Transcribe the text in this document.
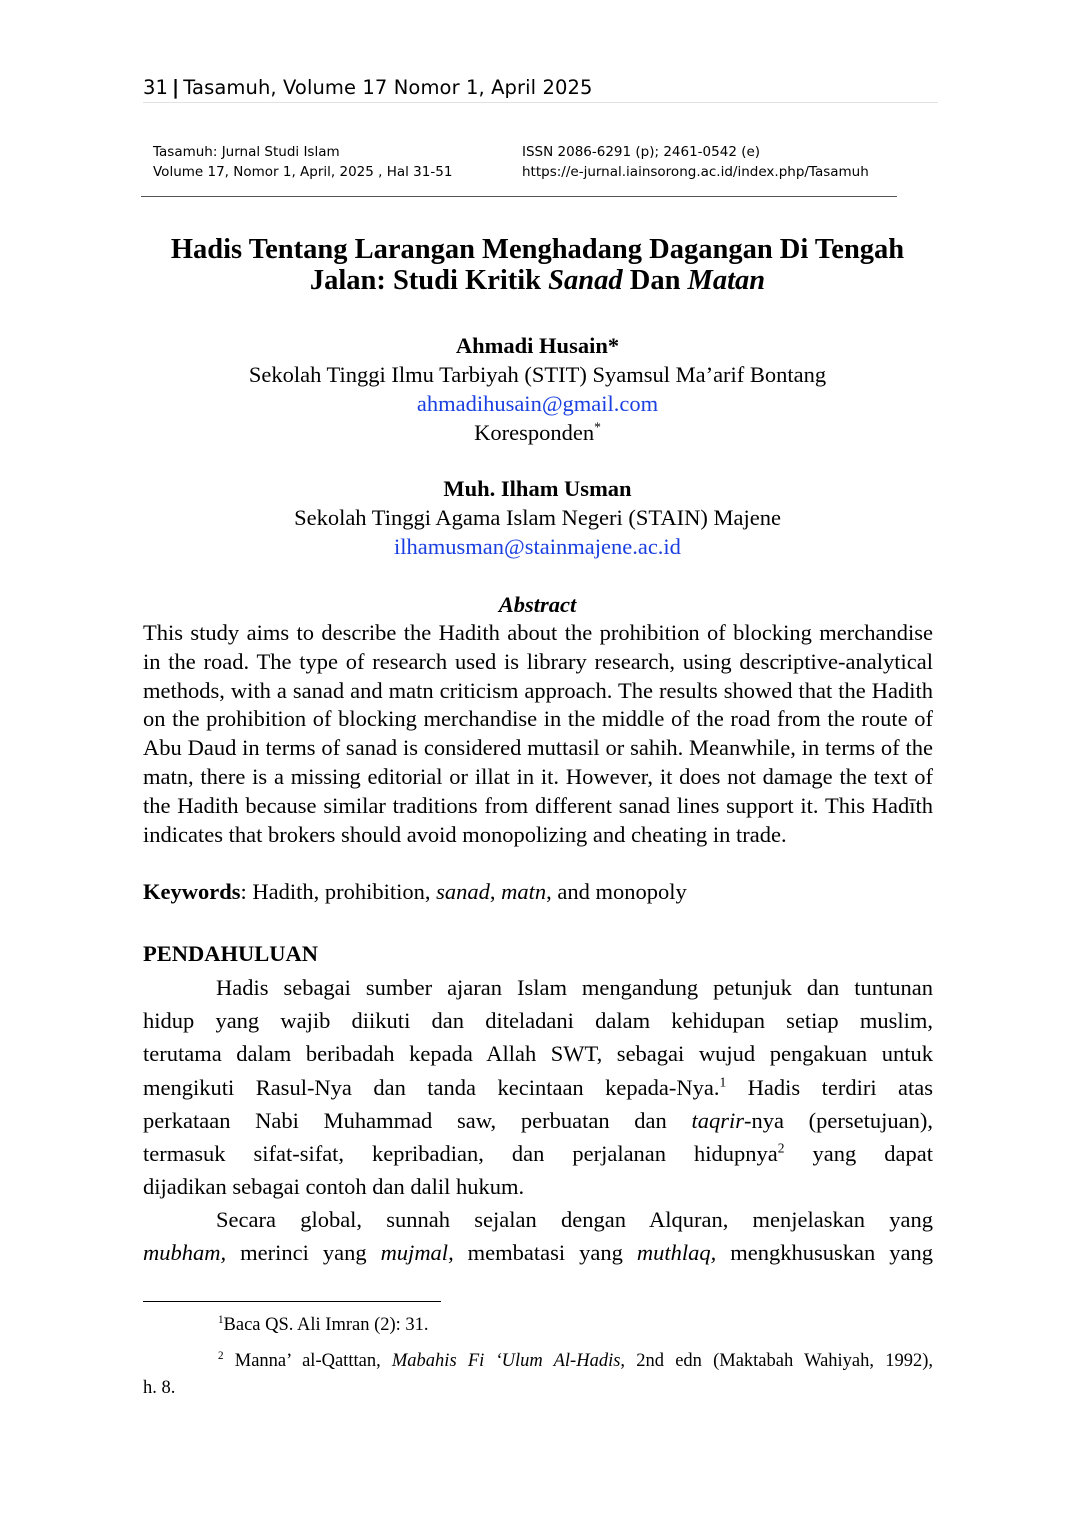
31 | Tasamuh, Volume 17 Nomor 1, April 2025
Tasamuh: Jurnal Studi Islam
Volume 17, Nomor 1, April, 2025 , Hal 31-51
ISSN 2086-6291 (p); 2461-0542 (e)
https://e-jurnal.iainsorong.ac.id/index.php/Tasamuh
Hadis Tentang Larangan Menghadang Dagangan Di Tengah
Jalan: Studi Kritik Sanad Dan Matan
Ahmadi Husain*
Sekolah Tinggi Ilmu Tarbiyah (STIT) Syamsul Ma’arif Bontang
ahmadihusain@gmail.com
Koresponden*
Muh. Ilham Usman
Sekolah Tinggi Agama Islam Negeri (STAIN) Majene
ilhamusman@stainmajene.ac.id
Abstract
This study aims to describe the Hadith about the prohibition of blocking merchandise in the road. The type of research used is library research, using descriptive-analytical methods, with a sanad and matn criticism approach. The results showed that the Hadith on the prohibition of blocking merchandise in the middle of the road from the route of Abu Daud in terms of sanad is considered muttasil or sahih. Meanwhile, in terms of the matn, there is a missing editorial or illat in it. However, it does not damage the text of the Hadith because similar traditions from different sanad lines support it. This Hadīth indicates that brokers should avoid monopolizing and cheating in trade.
Keywords: Hadith, prohibition, sanad, matn, and monopoly
PENDAHULUAN
Hadis sebagai sumber ajaran Islam mengandung petunjuk dan tuntunan
hidup yang wajib diikuti dan diteladani dalam kehidupan setiap muslim,
terutama dalam beribadah kepada Allah SWT, sebagai wujud pengakuan untuk
mengikuti Rasul-Nya dan tanda kecintaan kepada-Nya.$^1$ Hadis terdiri atas
perkataan Nabi Muhammad saw, perbuatan dan taqrir-nya (persetujuan),
termasuk sifat-sifat, kepribadian, dan perjalanan hidupnya$^2$ yang dapat
dijadikan sebagai contoh dan dalil hukum.
Secara global, sunnah sejalan dengan Alquran, menjelaskan yang
mubham, merinci yang mujmal, membatasi yang muthlaq, mengkhususkan yang
$^1$Baca QS. Ali Imran (2): 31.
$^2$ Manna’ al-Qatttan, Mabahis Fi ‘Ulum Al-Hadis, 2nd edn (Maktabah Wahiyah, 1992),
h. 8.
